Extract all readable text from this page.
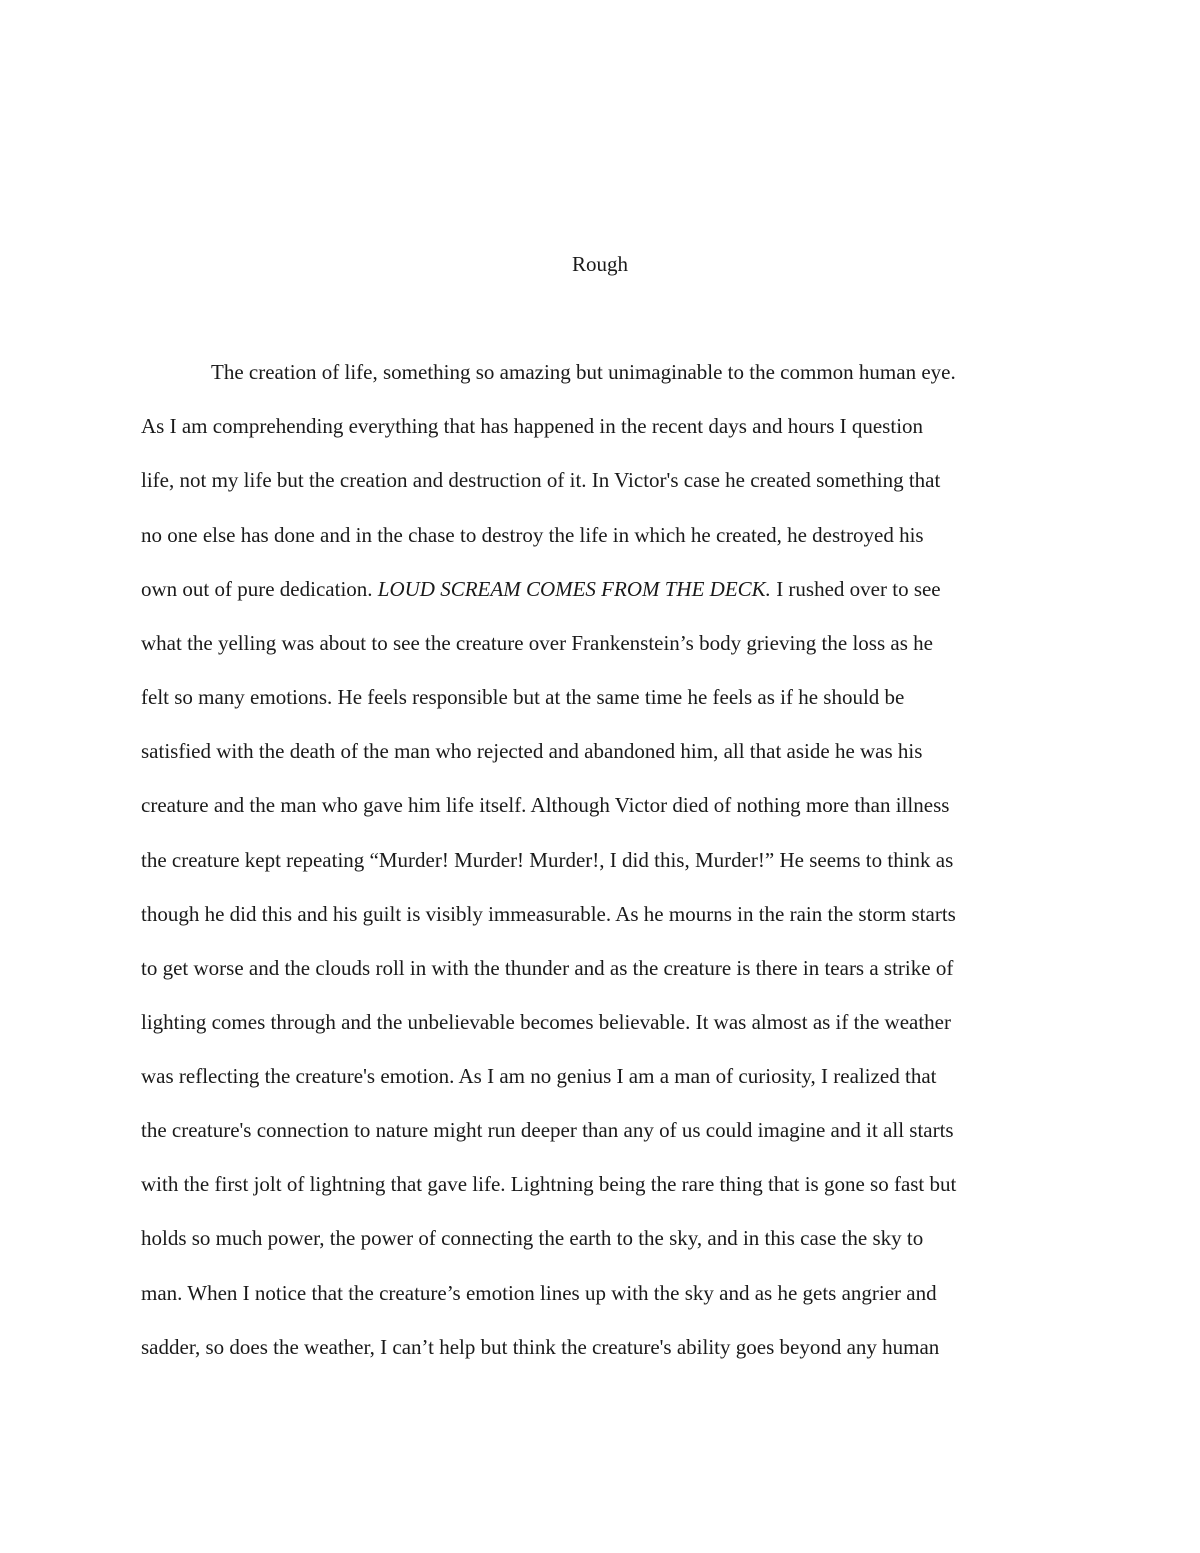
Rough
The creation of life, something so amazing but unimaginable to the common human eye.
As I am comprehending everything that has happened in the recent days and hours I question
life, not my life but the creation and destruction of it. In Victor's case he created something that
no one else has done and in the chase to destroy the life in which he created, he destroyed his
own out of pure dedication. LOUD SCREAM COMES FROM THE DECK. I rushed over to see
what the yelling was about to see the creature over Frankenstein’s body grieving the loss as he
felt so many emotions. He feels responsible but at the same time he feels as if he should be
satisfied with the death of the man who rejected and abandoned him, all that aside he was his
creature and the man who gave him life itself. Although Victor died of nothing more than illness
the creature kept repeating “Murder! Murder! Murder!, I did this, Murder!” He seems to think as
though he did this and his guilt is visibly immeasurable. As he mourns in the rain the storm starts
to get worse and the clouds roll in with the thunder and as the creature is there in tears a strike of
lighting comes through and the unbelievable becomes believable. It was almost as if the weather
was reflecting the creature's emotion. As I am no genius I am a man of curiosity, I realized that
the creature's connection to nature might run deeper than any of us could imagine and it all starts
with the first jolt of lightning that gave life. Lightning being the rare thing that is gone so fast but
holds so much power, the power of connecting the earth to the sky, and in this case the sky to
man. When I notice that the creature’s emotion lines up with the sky and as he gets angrier and
sadder, so does the weather, I can’t help but think the creature's ability goes beyond any human
